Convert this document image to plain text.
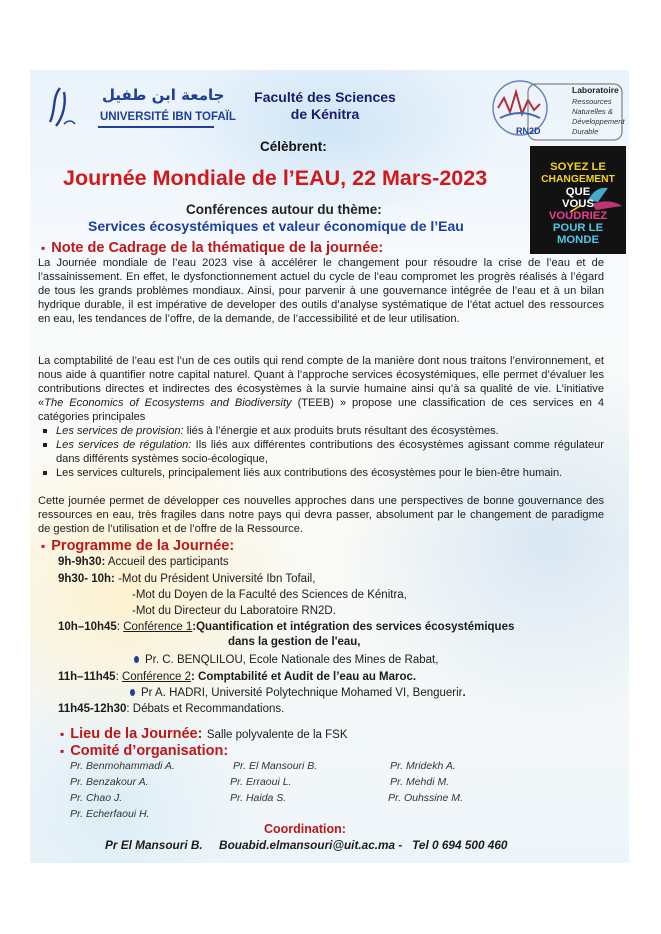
جامعة ابن طفيل
UNIVERSITÉ IBN TOFAÏL
Faculté des Sciences
de Kénitra
Laboratoire
Ressources
Naturelles &
Développement
Durable
RN2D
Célèbrent:
Journée Mondiale de l’EAU, 22 Mars-2023	SOYEZ LE
CHANGEMENT
QUE
VOUS
VOUDRIEZ
POUR LE
MONDE
Conférences autour du thème:
Services écosystémiques et valeur économique de l’Eau
▪ Note de Cadrage de la thématique de la journée:
La Journée mondiale de l’eau 2023 vise à accélérer le changement pour résoudre la crise de l’eau et de l’assainissement. En effet, le dysfonctionnement actuel du cycle de l’eau compromet les progrès réalisés à l’égard de tous les grands problèmes mondiaux. Ainsi, pour parvenir à une gouvernance intégrée de l’eau et à un bilan hydrique durable, il est impérative de developer des outils d’analyse systématique de l’état actuel des ressources en eau, les tendances de l’offre, de la demande, de l’accessibilité et de leur utilisation.
La comptabilité de l’eau est l’un de ces outils qui rend compte de la manière dont nous traitons l’environnement, et nous aide à quantifier notre capital naturel. Quant à l’approche services écosystémiques, elle permet d’évaluer les contributions directes et indirectes des écosystèmes à la survie humaine ainsi qu’à sa qualité de vie. L’initiative «The Economics of Ecosystems and Biodiversity (TEEB) » propose une classification de ces services en 4 catégories principales
Les services de provision: liés à l’énergie et aux produits bruts résultant des écosystèmes.
Les services de régulation: Ils liés aux différentes contributions des écosystèmes agissant comme régulateur dans différents systèmes socio-écologique,
Les services culturels, principalement liés aux contributions des écosystèmes pour le bien-être humain.
Cette journée permet de développer ces nouvelles approches dans une perspectives de bonne gouvernance des ressources en eau, très fragiles dans notre pays qui devra passer, absolument par le changement de paradigme de gestion de l’utilisation et de l’offre de la Ressource.
▪ Programme de la Journée:
9h-9h30: Accueil des participants
9h30- 10h: -Mot du Président Université Ibn Tofail,
-Mot du Doyen de la Faculté des Sciences de Kénitra,
-Mot du Directeur du Laboratoire RN2D.
10h–10h45: Conférence 1:Quantification et intégration des services écosystémiques
dans la gestion de l'eau,
Pr. C. BENQLILOU, Ecole Nationale des Mines de Rabat,
11h–11h45: Conférence 2: Comptabilité et Audit de l’eau au Maroc.
Pr A. HADRI, Université Polytechnique Mohamed VI, Benguerir.
11h45-12h30: Débats et Recommandations.
▪ Lieu de la Journée: Salle polyvalente de la FSK
▪ Comité d’organisation:
Pr. Benmohammadi A.	Pr. El Mansouri B.	Pr. Mridekh A.
Pr. Benzakour A.	Pr. Erraoui L.	Pr. Mehdi M.
Pr. Chao J.	Pr. Haida S.	Pr. Ouhssine M.
Pr. Echerfaoui H.
Coordination:
Pr El Mansouri B.     Bouabid.elmansouri@uit.ac.ma -   Tel 0 694 500 460
